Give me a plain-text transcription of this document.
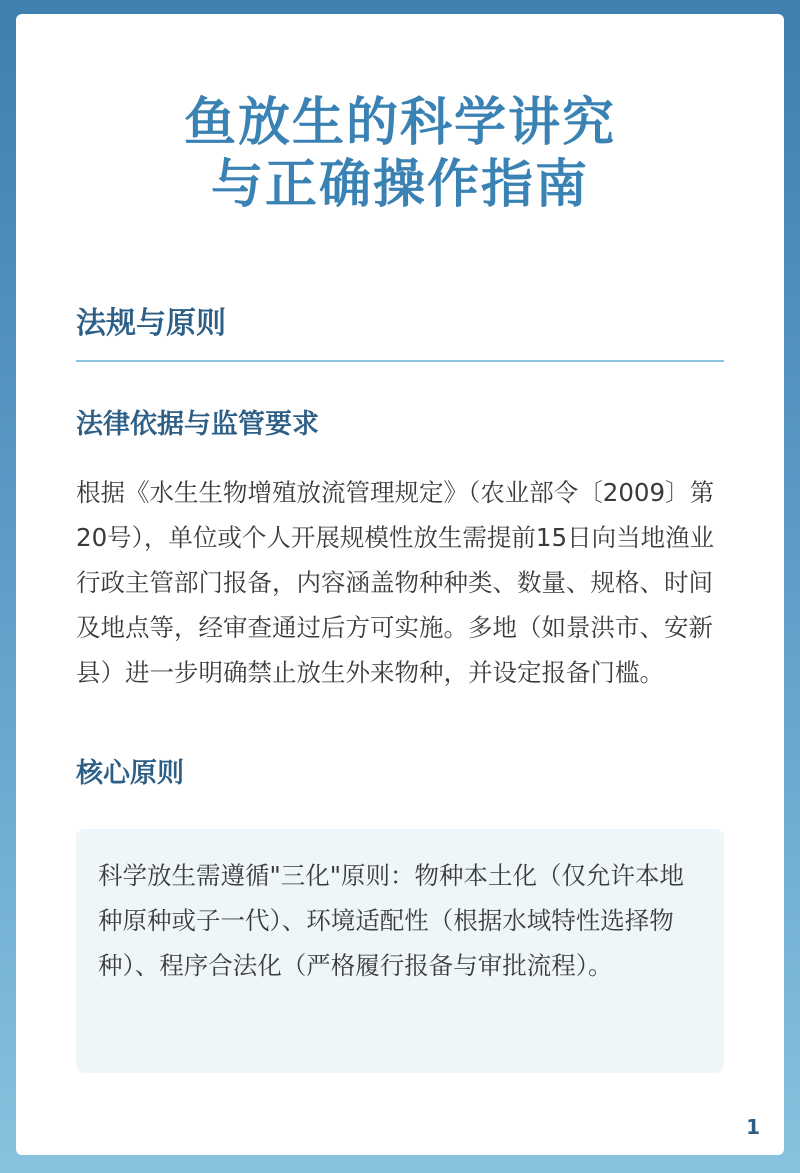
鱼放生的科学讲究
与正确操作指南
法规与原则
法律依据与监管要求

根据《水生生物增殖放流管理规定》（农业部令〔2009〕第20号），单位或个人开展规模性放生需提前15日向当地渔业行政主管部门报备，内容涵盖物种种类、数量、规格、时间及地点等，经审查通过后方可实施。多地（如景洪市、安新县）进一步明确禁止放生外来物种，并设定报备门槛。

核心原则

科学放生需遵循"三化"原则：物种本土化（仅允许本地种原种或子一代）、环境适配性（根据水域特性选择物种）、程序合法化（严格履行报备与审批流程）。

1
